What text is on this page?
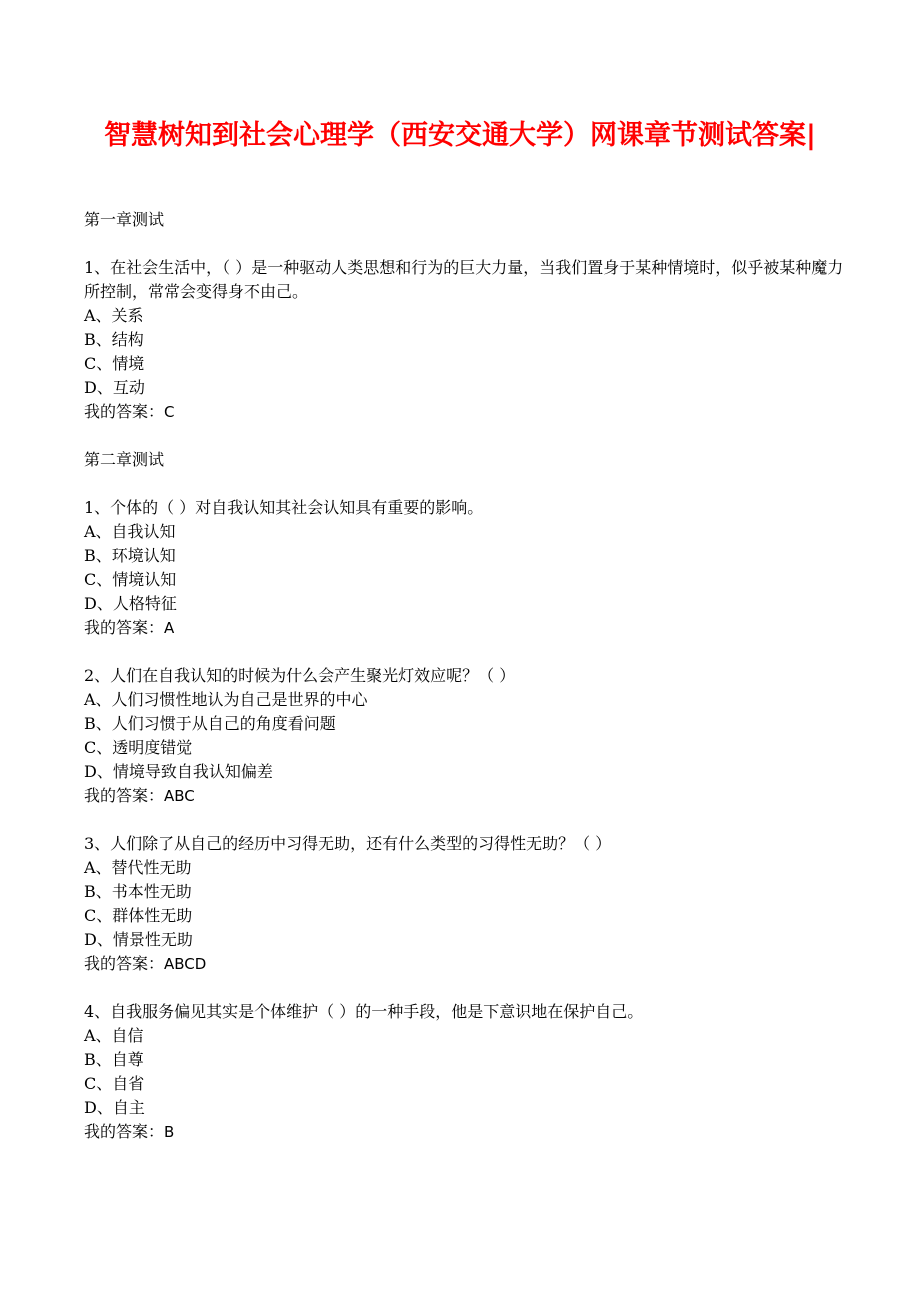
智慧树知到社会心理学（西安交通大学）网课章节测试答案|
第一章测试
1、在社会生活中，（ ）是一种驱动人类思想和行为的巨大力量，当我们置身于某种情境时，似乎被某种魔力所控制，常常会变得身不由己。
A、关系
B、结构
C、情境
D、互动
我的答案：C
第二章测试
1、个体的（ ）对自我认知其社会认知具有重要的影响。
A、自我认知
B、环境认知
C、情境认知
D、人格特征
我的答案：A
2、人们在自我认知的时候为什么会产生聚光灯效应呢？（ ）
A、人们习惯性地认为自己是世界的中心
B、人们习惯于从自己的角度看问题
C、透明度错觉
D、情境导致自我认知偏差
我的答案：ABC
3、人们除了从自己的经历中习得无助，还有什么类型的习得性无助？（ ）
A、替代性无助
B、书本性无助
C、群体性无助
D、情景性无助
我的答案：ABCD
4、自我服务偏见其实是个体维护（ ）的一种手段，他是下意识地在保护自己。
A、自信
B、自尊
C、自省
D、自主
我的答案：B
